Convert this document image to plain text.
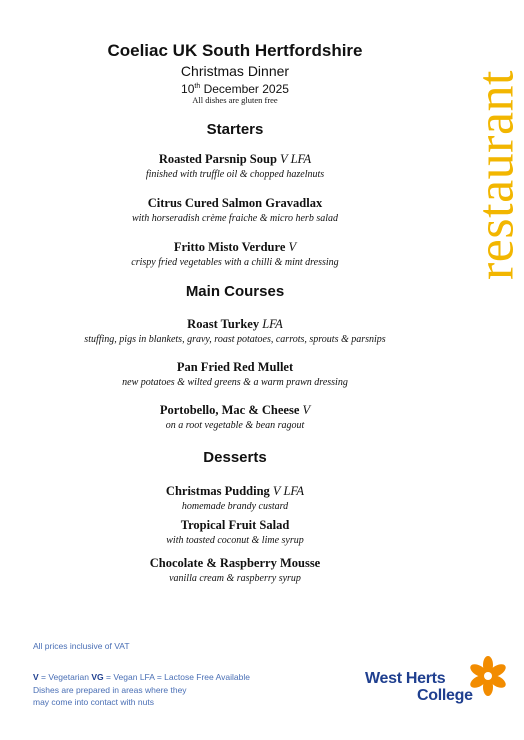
Coeliac UK South Hertfordshire
Christmas Dinner
10th December 2025
All dishes are gluten free	restaurant
Starters
Roasted Parsnip Soup V LFA
finished with truffle oil & chopped hazelnuts
Citrus Cured Salmon Gravadlax
with horseradish crème fraiche & micro herb salad
Fritto Misto Verdure V
crispy fried vegetables with a chilli & mint dressing
Main Courses
Roast Turkey LFA
stuffing, pigs in blankets, gravy, roast potatoes, carrots, sprouts & parsnips
Pan Fried Red Mullet
new potatoes & wilted greens & a warm prawn dressing
Portobello, Mac & Cheese V
on a root vegetable & bean ragout
Desserts
Christmas Pudding V LFA
homemade brandy custard
Tropical Fruit Salad
with toasted coconut & lime syrup
Chocolate & Raspberry Mousse
vanilla cream & raspberry syrup
All prices inclusive of VAT
V = Vegetarian VG = Vegan LFA = Lactose Free Available
Dishes are prepared in areas where they
may come into contact with nuts
West Herts
College
